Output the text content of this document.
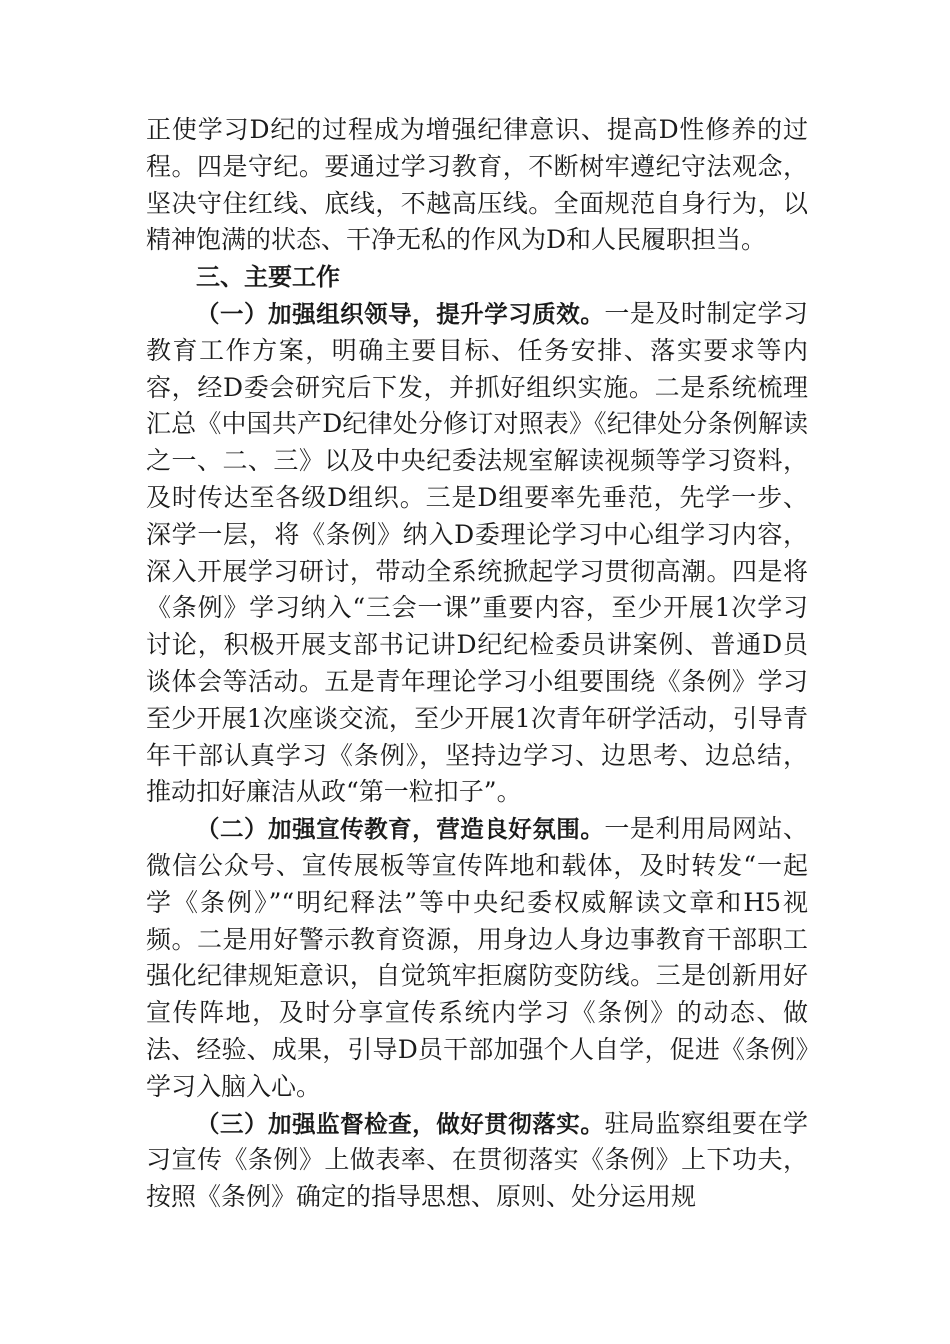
正使学习D纪的过程成为增强纪律意识、提高D性修养的过程。四是守纪。要通过学习教育，不断树牢遵纪守法观念，坚决守住红线、底线，不越高压线。全面规范自身行为，以精神饱满的状态、干净无私的作风为D和人民履职担当。

三、主要工作

（一）加强组织领导，提升学习质效。一是及时制定学习教育工作方案，明确主要目标、任务安排、落实要求等内容，经D委会研究后下发，并抓好组织实施。二是系统梳理汇总《中国共产D纪律处分修订对照表》《纪律处分条例解读之一、二、三》以及中央纪委法规室解读视频等学习资料，及时传达至各级D组织。三是D组要率先垂范，先学一步、深学一层，将《条例》纳入D委理论学习中心组学习内容，深入开展学习研讨，带动全系统掀起学习贯彻高潮。四是将《条例》学习纳入“三会一课”重要内容，至少开展1次学习讨论，积极开展支部书记讲D纪纪检委员讲案例、普通D员谈体会等活动。五是青年理论学习小组要围绕《条例》学习至少开展1次座谈交流，至少开展1次青年研学活动，引导青年干部认真学习《条例》，坚持边学习、边思考、边总结，推动扣好廉洁从政“第一粒扣子”。

（二）加强宣传教育，营造良好氛围。一是利用局网站、微信公众号、宣传展板等宣传阵地和载体，及时转发“一起学《条例》”“明纪释法”等中央纪委权威解读文章和H5视频。二是用好警示教育资源，用身边人身边事教育干部职工强化纪律规矩意识，自觉筑牢拒腐防变防线。三是创新用好宣传阵地，及时分享宣传系统内学习《条例》的动态、做法、经验、成果，引导D员干部加强个人自学，促进《条例》学习入脑入心。

（三）加强监督检查，做好贯彻落实。驻局监察组要在学习宣传《条例》上做表率、在贯彻落实《条例》上下功夫，按照《条例》确定的指导思想、原则、处分运用规
